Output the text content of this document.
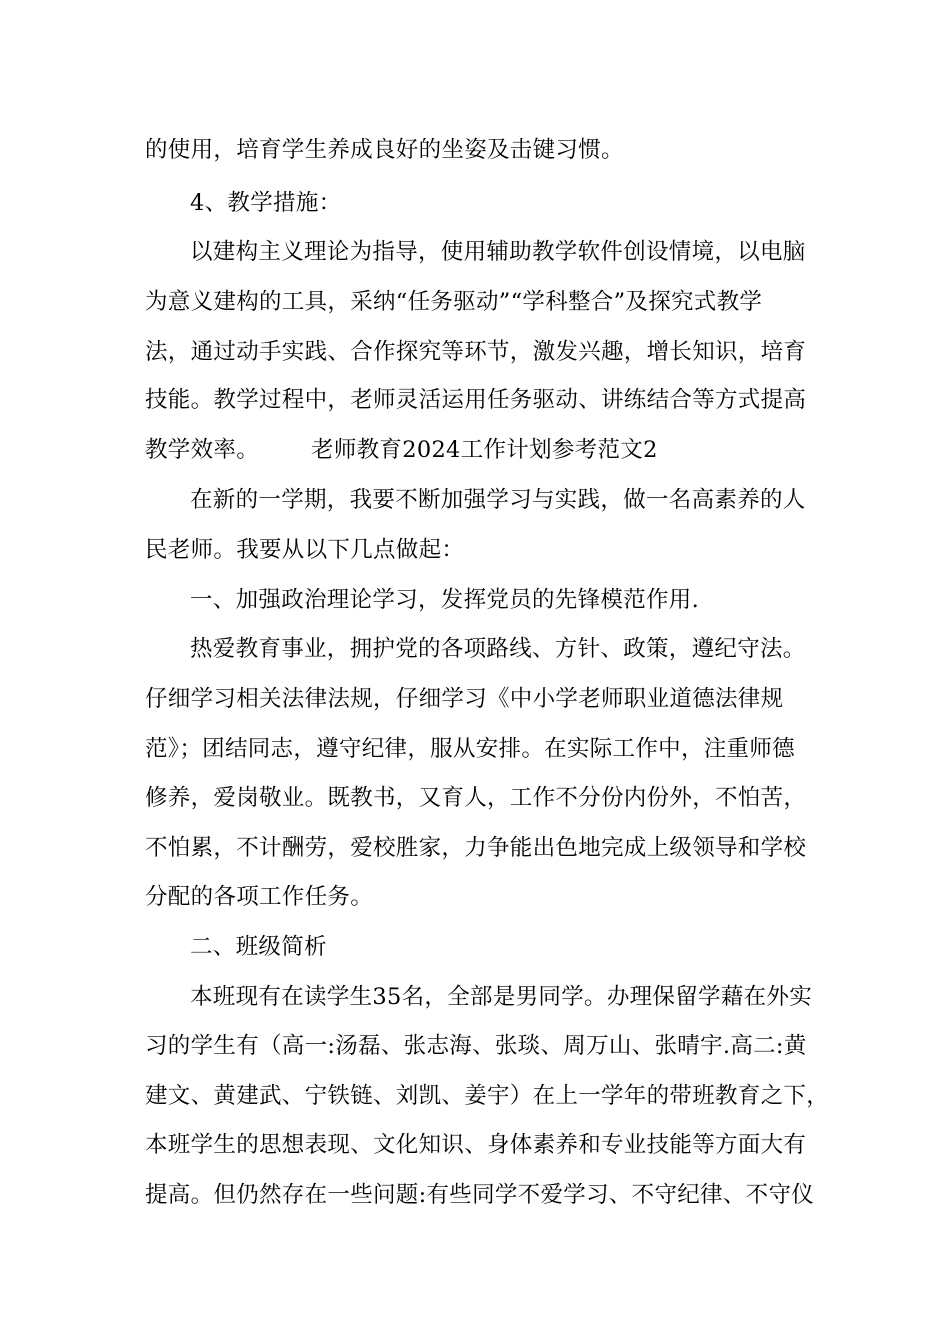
的使用，培育学生养成良好的坐姿及击键习惯。
4、教学措施：
以建构主义理论为指导，使用辅助教学软件创设情境，以电脑
为意义建构的工具，采纳“任务驱动”“学科整合”及探究式教学
法，通过动手实践、合作探究等环节，激发兴趣，增长知识，培育
技能。教学过程中，老师灵活运用任务驱动、讲练结合等方式提高
教学效率。 老师教育2024工作计划参考范文2
在新的一学期，我要不断加强学习与实践，做一名高素养的人
民老师。我要从以下几点做起：
一、加强政治理论学习，发挥党员的先锋模范作用.
热爱教育事业，拥护党的各项路线、方针、政策，遵纪守法。
仔细学习相关法律法规，仔细学习《中小学老师职业道德法律规
范》；团结同志，遵守纪律，服从安排。在实际工作中，注重师德
修养，爱岗敬业。既教书，又育人，工作不分份内份外，不怕苦，
不怕累，不计酬劳，爱校胜家，力争能出色地完成上级领导和学校
分配的各项工作任务。
二、班级简析
本班现有在读学生35名，全部是男同学。办理保留学藉在外实
习的学生有（高一:汤磊、张志海、张琰、周万山、张晴宇.高二:黄
建文、黄建武、宁铁链、刘凯、姜宇）在上一学年的带班教育之下，
本班学生的思想表现、文化知识、身体素养和专业技能等方面大有
提高。但仍然存在一些问题:有些同学不爱学习、不守纪律、不守仪
